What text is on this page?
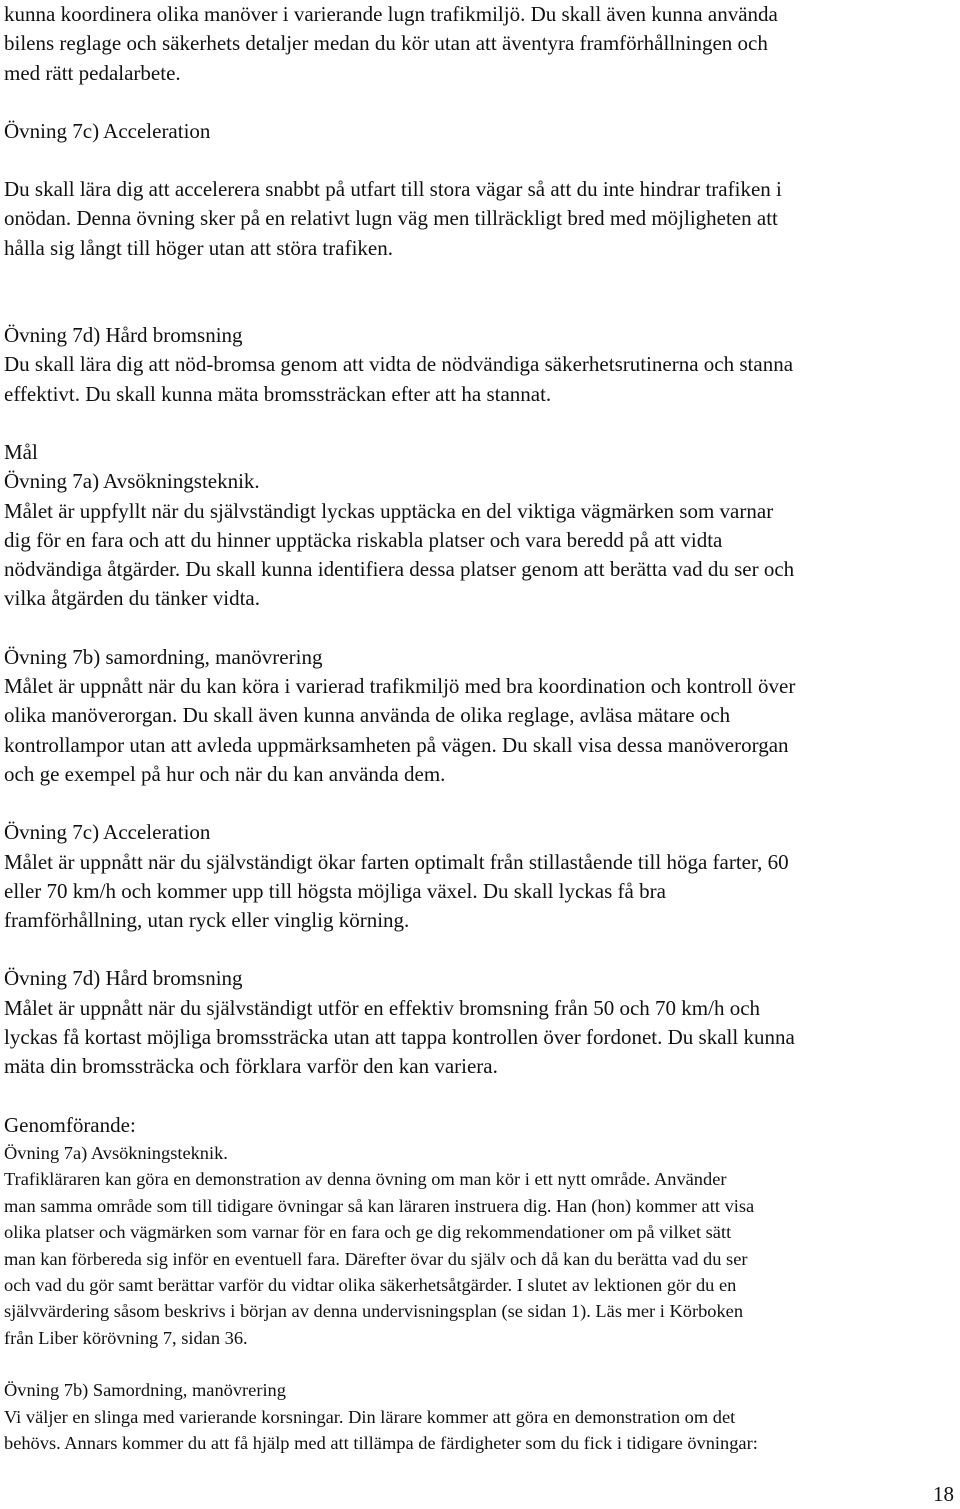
kunna koordinera olika manöver i varierande lugn trafikmiljö. Du skall även kunna använda

bilens reglage och säkerhets detaljer medan du kör utan att äventyra framförhållningen och

med rätt pedalarbete.

Övning 7c) Acceleration

Du skall lära dig att accelerera snabbt på utfart till stora vägar så att du inte hindrar trafiken i

onödan. Denna övning sker på en relativt lugn väg men tillräckligt bred med möjligheten att

hålla sig långt till höger utan att störa trafiken.

Övning 7d) Hård bromsning

Du skall lära dig att nöd-bromsa genom att vidta de nödvändiga säkerhetsrutinerna och stanna

effektivt. Du skall kunna mäta bromssträckan efter att ha stannat.

Mål

Övning 7a) Avsökningsteknik.

Målet är uppfyllt när du självständigt lyckas upptäcka en del viktiga vägmärken som varnar

dig för en fara och att du hinner upptäcka riskabla platser och vara beredd på att vidta

nödvändiga åtgärder. Du skall kunna identifiera dessa platser genom att berätta vad du ser och

vilka åtgärden du tänker vidta.

Övning 7b) samordning, manövrering

Målet är uppnått när du kan köra i varierad trafikmiljö med bra koordination och kontroll över

olika manöverorgan. Du skall även kunna använda de olika reglage, avläsa mätare och

kontrollampor utan att avleda uppmärksamheten på vägen. Du skall visa dessa manöverorgan

och ge exempel på hur och när du kan använda dem.

Övning 7c) Acceleration

Målet är uppnått när du självständigt ökar farten optimalt från stillastående till höga farter, 60

eller 70 km/h och kommer upp till högsta möjliga växel. Du skall lyckas få bra

framförhållning, utan ryck eller vinglig körning.

Övning 7d) Hård bromsning

Målet är uppnått när du självständigt utför en effektiv bromsning från 50 och 70 km/h och

lyckas få kortast möjliga bromssträcka utan att tappa kontrollen över fordonet. Du skall kunna

mäta din bromssträcka och förklara varför den kan variera.

Genomförande:

Övning 7a) Avsökningsteknik.

Trafikläraren kan göra en demonstration av denna övning om man kör i ett nytt område. Använder

man samma område som till tidigare övningar så kan läraren instruera dig. Han (hon) kommer att visa

olika platser och vägmärken som varnar för en fara och ge dig rekommendationer om på vilket sätt

man kan förbereda sig inför en eventuell fara. Därefter övar du själv och då kan du berätta vad du ser

och vad du gör samt berättar varför du vidtar olika säkerhetsåtgärder. I slutet av lektionen gör du en

självvärdering såsom beskrivs i början av denna undervisningsplan (se sidan 1). Läs mer i Körboken

från Liber körövning 7, sidan 36.

Övning 7b) Samordning, manövrering

Vi väljer en slinga med varierande korsningar. Din lärare kommer att göra en demonstration om det

behövs. Annars kommer du att få hjälp med att tillämpa de färdigheter som du fick i tidigare övningar:

18
